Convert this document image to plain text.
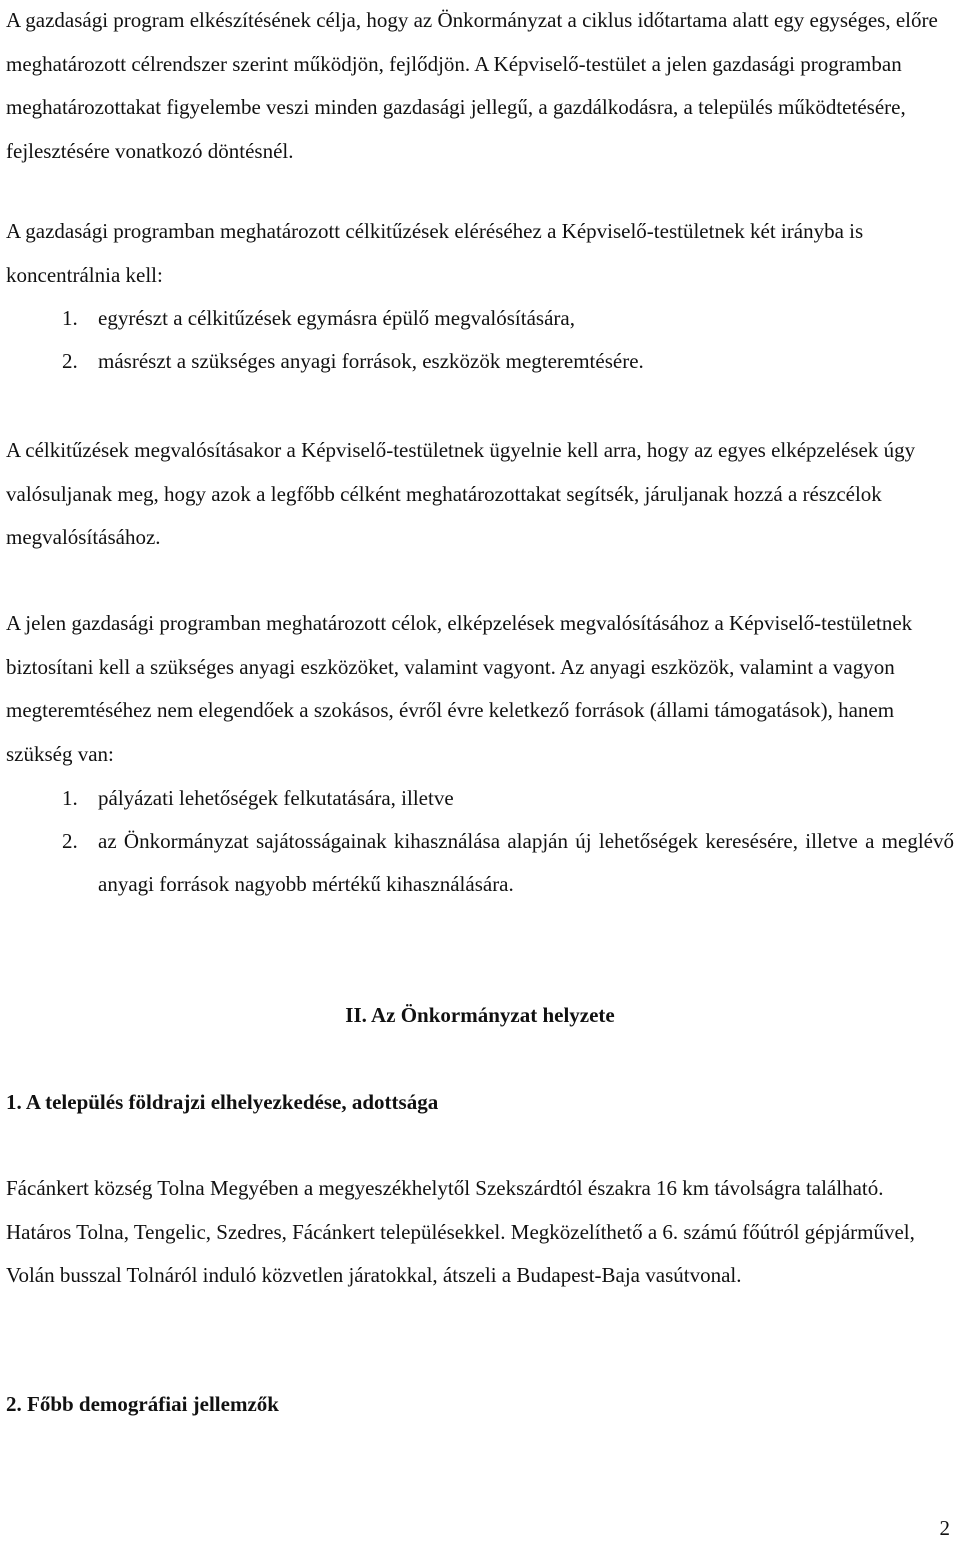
A gazdasági program elkészítésének célja, hogy az Önkormányzat a ciklus időtartama alatt egy egységes, előre meghatározott célrendszer szerint működjön, fejlődjön. A Képviselő-testület a jelen gazdasági programban meghatározottakat figyelembe veszi minden gazdasági jellegű, a gazdálkodásra, a település működtetésére, fejlesztésére vonatkozó döntésnél.

A gazdasági programban meghatározott célkitűzések eléréséhez a Képviselő-testületnek két irányba is koncentrálnia kell:

1. egyrészt a célkitűzések egymásra épülő megvalósítására,
2. másrészt a szükséges anyagi források, eszközök megteremtésére.

A célkitűzések megvalósításakor a Képviselő-testületnek ügyelnie kell arra, hogy az egyes elképzelések úgy valósuljanak meg, hogy azok a legfőbb célként meghatározottakat segítsék, járuljanak hozzá a részcélok megvalósításához.

A jelen gazdasági programban meghatározott célok, elképzelések megvalósításához a Képviselő-testületnek biztosítani kell a szükséges anyagi eszközöket, valamint vagyont. Az anyagi eszközök, valamint a vagyon megteremtéséhez nem elegendőek a szokásos, évről évre keletkező források (állami támogatások), hanem szükség van:

1. pályázati lehetőségek felkutatására, illetve
2. az Önkormányzat sajátosságainak kihasználása alapján új lehetőségek keresésére, illetve a meglévő anyagi források nagyobb mértékű kihasználására.
II. Az Önkormányzat helyzete
1. A település földrajzi elhelyezkedése, adottsága

Fácánkert község Tolna Megyében a megyeszékhelytől Szekszárdtól északra 16 km távolságra található. Határos Tolna, Tengelic, Szedres, Fácánkert településekkel. Megközelíthető a 6. számú főútról gépjárművel, Volán busszal Tolnáról induló közvetlen járatokkal, átszeli a Budapest-Baja vasútvonal.

2. Főbb demográfiai jellemzők
2
